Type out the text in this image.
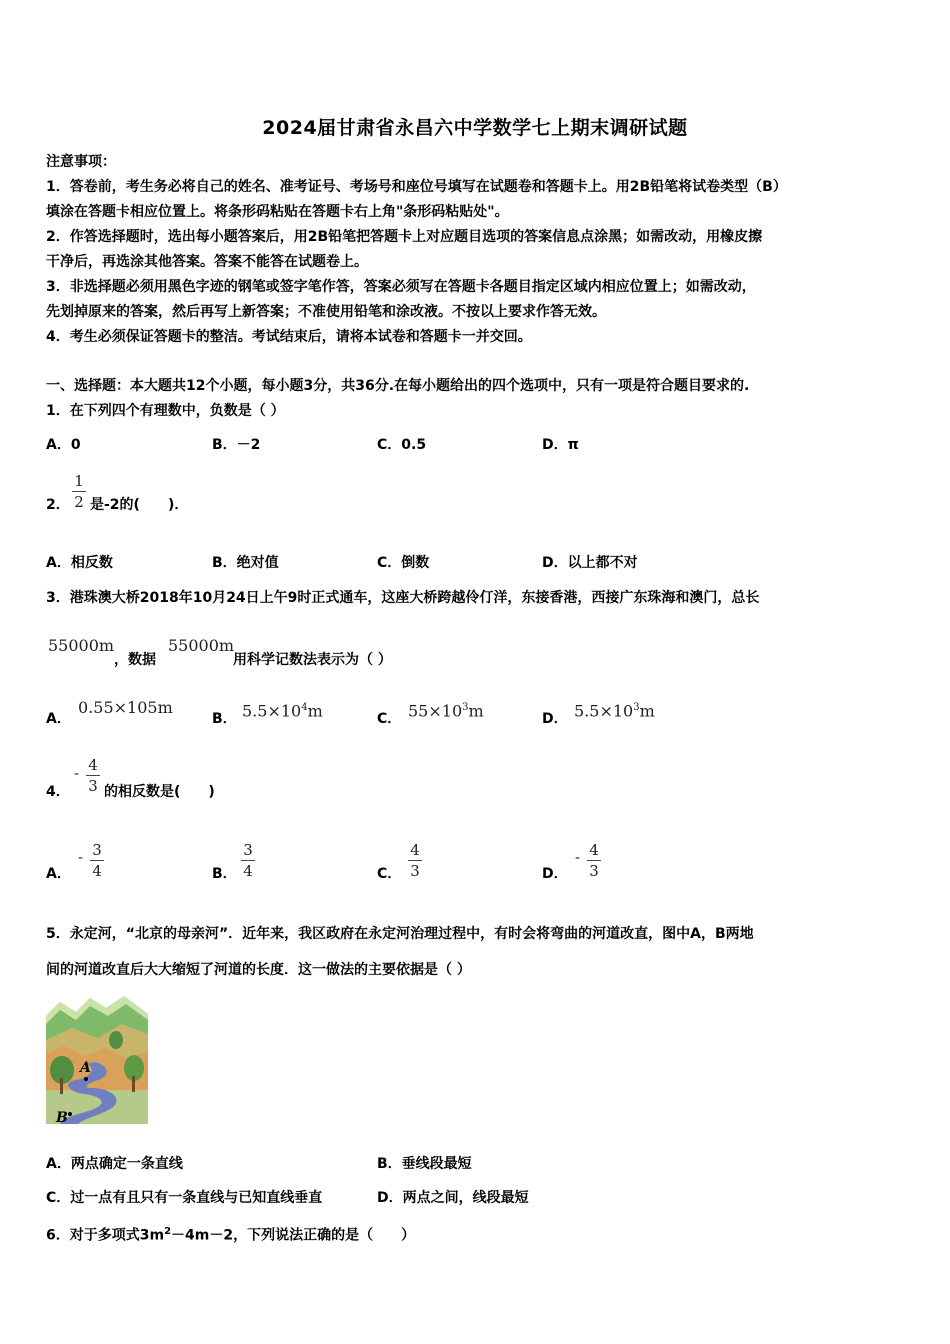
2024届甘肃省永昌六中学数学七上期末调研试题
注意事项：
1．答卷前，考生务必将自己的姓名、准考证号、考场号和座位号填写在试题卷和答题卡上。用2B铅笔将试卷类型（B）
填涂在答题卡相应位置上。将条形码粘贴在答题卡右上角"条形码粘贴处"。
2．作答选择题时，选出每小题答案后，用2B铅笔把答题卡上对应题目选项的答案信息点涂黑；如需改动，用橡皮擦
干净后，再选涂其他答案。答案不能答在试题卷上。
3．非选择题必须用黑色字迹的钢笔或签字笔作答，答案必须写在答题卡各题目指定区域内相应位置上；如需改动，
先划掉原来的答案，然后再写上新答案；不准使用铅笔和涂改液。不按以上要求作答无效。
4．考生必须保证答题卡的整洁。考试结束后，请将本试卷和答题卡一并交回。
一、选择题：本大题共12个小题，每小题3分，共36分.在每小题给出的四个选项中，只有一项是符合题目要求的.
1．在下列四个有理数中，负数是（ ）
A．0	B．－2	C．0.5	D．π
2．
1
2 是-2的(　　)．
A．相反数	B．绝对值	C．倒数	D．以上都不对
3．港珠澳大桥2018年10月24日上午9时正式通车，这座大桥跨越伶仃洋，东接香港，西接广东珠海和澳门，总长
55000m
，数据
55000m
用科学记数法表示为（ ）
A．
0.55×105m
B． $5.5\times 10^4m$	C． $55\times 10^3m$	D． $5.5\times 10^3m$
4．
- 4
3 的相反数是(　　)
A．
- 3
4	B．
3
4	C．
4
3	D．
- 4
3
5．永定河，“北京的母亲河”．近年来，我区政府在永定河治理过程中，有时会将弯曲的河道改直，图中A，B两地
间的河道改直后大大缩短了河道的长度．这一做法的主要依据是（ ）
A
B
A．两点确定一条直线	B．垂线段最短
C．过一点有且只有一条直线与已知直线垂直	D．两点之间，线段最短
6．对于多项式$3m^2-4m-2$，下列说法正确的是（　　）
